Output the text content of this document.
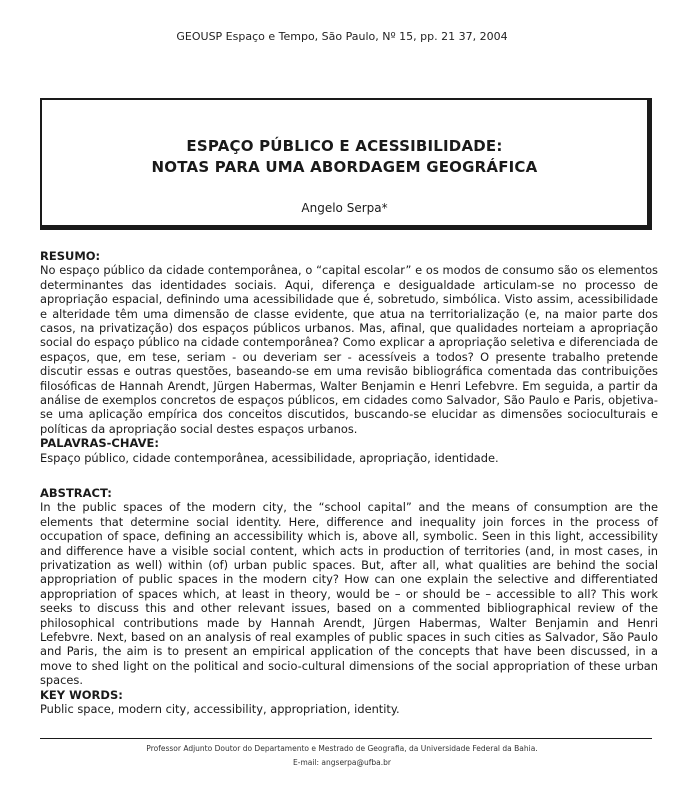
GEOUSP Espaço e Tempo, São Paulo, Nº 15, pp. 21 37, 2004
ESPAÇO PÚBLICO E ACESSIBILIDADE:
NOTAS PARA UMA ABORDAGEM GEOGRÁFICA
Angelo Serpa*
RESUMO:

No espaço público da cidade contemporânea, o “capital escolar” e os modos de consumo são os elementos determinantes das identidades sociais. Aqui, diferença e desigualdade articulam-se no processo de apropriação espacial, definindo uma acessibilidade que é, sobretudo, simbólica. Visto assim, acessibilidade e alteridade têm uma dimensão de classe evidente, que atua na territorialização (e, na maior parte dos casos, na privatização) dos espaços públicos urbanos. Mas, afinal, que qualidades norteiam a apropriação social do espaço público na cidade contemporânea? Como explicar a apropriação seletiva e diferenciada de espaços, que, em tese, seriam - ou deveriam ser - acessíveis a todos? O presente trabalho pretende discutir essas e outras questões, baseando-se em uma revisão bibliográfica comentada das contribuições filosóficas de Hannah Arendt, Jürgen Habermas, Walter Benjamin e Henri Lefebvre. Em seguida, a partir da análise de exemplos concretos de espaços públicos, em cidades como Salvador, São Paulo e Paris, objetiva-se uma aplicação empírica dos conceitos discutidos, buscando-se elucidar as dimensões socioculturais e políticas da apropriação social destes espaços urbanos.

PALAVRAS-CHAVE:

Espaço público, cidade contemporânea, acessibilidade, apropriação, identidade.

ABSTRACT:

In the public spaces of the modern city, the “school capital” and the means of consumption are the elements that determine social identity. Here, difference and inequality join forces in the process of occupation of space, defining an accessibility which is, above all, symbolic. Seen in this light, accessibility and difference have a visible social content, which acts in production of territories (and, in most cases, in privatization as well) within (of) urban public spaces. But, after all, what qualities are behind the social appropriation of public spaces in the modern city? How can one explain the selective and differentiated appropriation of spaces which, at least in theory, would be – or should be – accessible to all? This work seeks to discuss this and other relevant issues, based on a commented bibliographical review of the philosophical contributions made by Hannah Arendt, Jürgen Habermas, Walter Benjamin and Henri Lefebvre. Next, based on an analysis of real examples of public spaces in such cities as Salvador, São Paulo and Paris, the aim is to present an empirical application of the concepts that have been discussed, in a move to shed light on the political and socio-cultural dimensions of the social appropriation of these urban spaces.

KEY WORDS:

Public space, modern city, accessibility, appropriation, identity.

Professor Adjunto Doutor do Departamento e Mestrado de Geografia, da Universidade Federal da Bahia.
E-mail: angserpa@ufba.br
